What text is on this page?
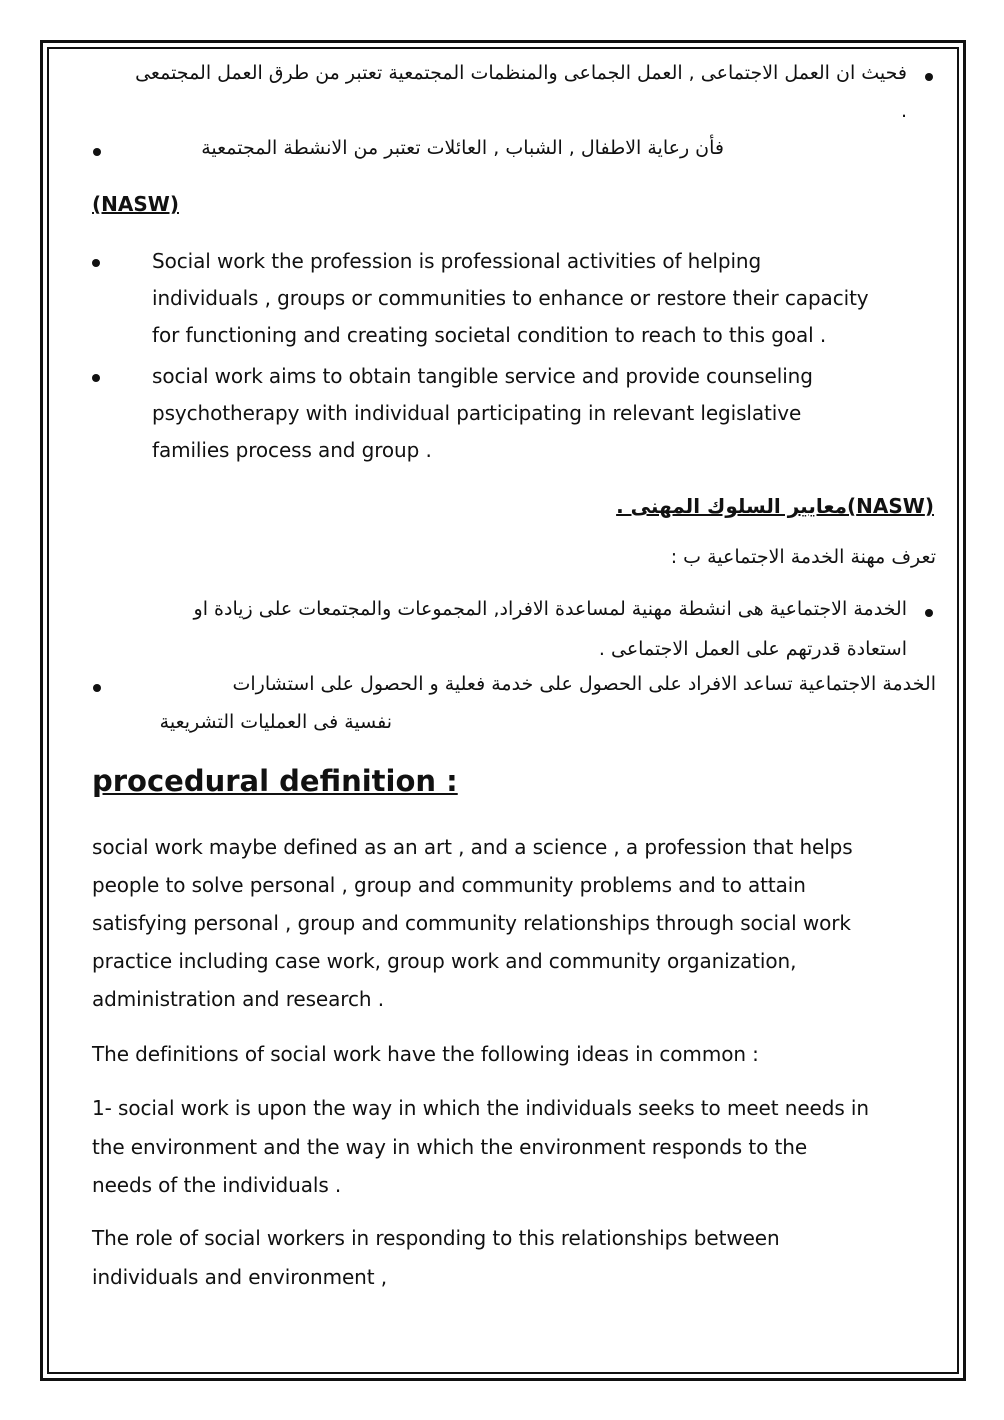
فحيث ان العمل الاجتماعى , العمل الجماعى والمنظمات المجتمعية تعتبر من طرق العمل المجتمعى
.
فأن رعاية الاطفال , الشباب , العائلات تعتبر من الانشطة المجتمعية
(NASW)
Social work the profession is professional activities of helping
individuals , groups or communities to enhance or restore their capacity
for functioning and creating societal condition to reach to this goal .
social work aims to obtain tangible service and provide counseling
psychotherapy with individual participating in relevant legislative
families process and group .
(NASW)معايير السلوك المهنى .
تعرف مهنة الخدمة الاجتماعية ب :
الخدمة الاجتماعية هى انشطة مهنية لمساعدة الافراد, المجموعات والمجتمعات على زيادة او
استعادة قدرتهم على العمل الاجتماعى .
الخدمة الاجتماعية تساعد الافراد على الحصول على خدمة فعلية و الحصول على استشارات
نفسية فى العمليات التشريعية
procedural definition :
social work maybe defined as an art , and a science , a profession that helps
people to solve personal , group and community problems and to attain
satisfying personal , group and community relationships through social work
practice including case work, group work and community organization,
administration and research .
The definitions of social work have the following ideas in common :
1- social work is upon the way in which the individuals seeks to meet needs in
the environment and the way in which the environment responds to the
needs of the individuals .
The role of social workers in responding to this relationships between
individuals and environment ,
